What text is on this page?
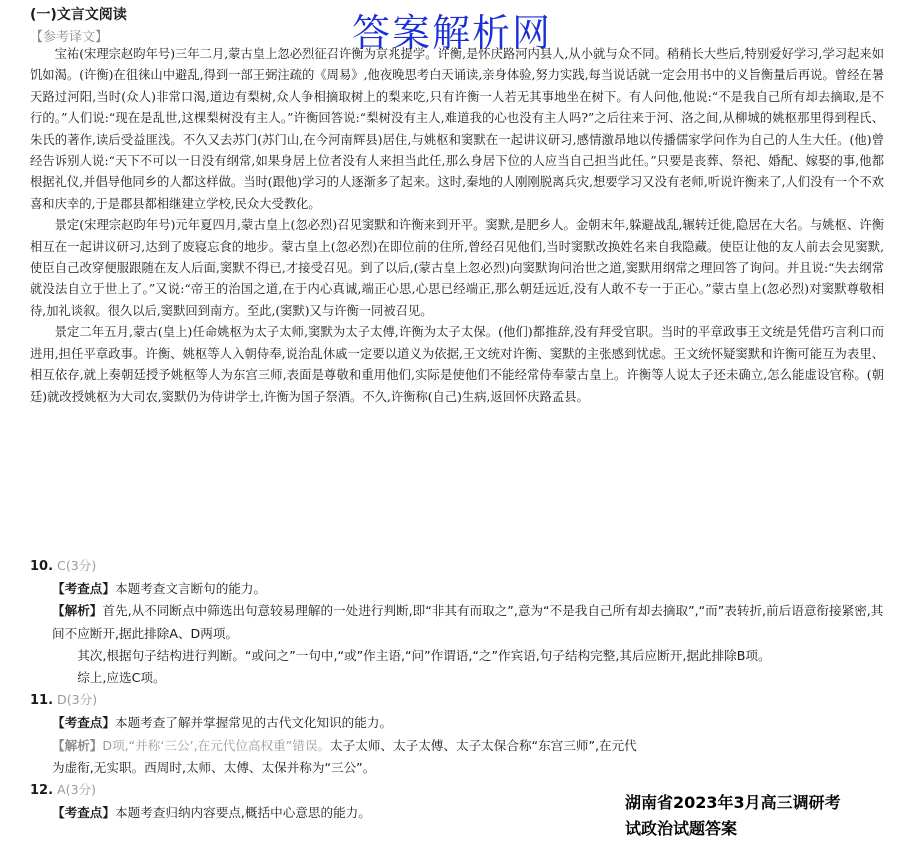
(一)文言文阅读	答案解析网
【参考译文】

宝祐(宋理宗赵昀年号)三年二月,蒙古皇上忽必烈征召许衡为京兆提学。许衡,是怀庆路河内县人,从小就与众不同。稍稍长大些后,特别爱好学习,学习起来如饥如渴。(许衡)在徂徕山中避乱,得到一部王弼注疏的《周易》,他夜晚思考白天诵读,亲身体验,努力实践,每当说话就一定会用书中的义旨衡量后再说。曾经在暑天路过河阳,当时(众人)非常口渴,道边有梨树,众人争相摘取树上的梨来吃,只有许衡一人若无其事地坐在树下。有人问他,他说:“不是我自己所有却去摘取,是不行的。”人们说:“现在是乱世,这棵梨树没有主人。”许衡回答说:“梨树没有主人,难道我的心也没有主人吗?”之后往来于河、洛之间,从柳城的姚枢那里得到程氏、朱氏的著作,读后受益匪浅。不久又去苏门(苏门山,在今河南辉县)居住,与姚枢和窦默在一起讲议研习,感情激昂地以传播儒家学问作为自己的人生大任。(他)曾经告诉别人说:“天下不可以一日没有纲常,如果身居上位者没有人来担当此任,那么身居下位的人应当自己担当此任。”只要是丧葬、祭祀、婚配、嫁娶的事,他都根据礼仪,并倡导他同乡的人都这样做。当时(跟他)学习的人逐渐多了起来。这时,秦地的人刚刚脱离兵灾,想要学习又没有老师,听说许衡来了,人们没有一个不欢喜和庆幸的,于是郡县都相继建立学校,民众大受教化。

景定(宋理宗赵昀年号)元年夏四月,蒙古皇上(忽必烈)召见窦默和许衡来到开平。窦默,是肥乡人。金朝末年,躲避战乱,辗转迁徙,隐居在大名。与姚枢、许衡相互在一起讲议研习,达到了废寝忘食的地步。蒙古皇上(忽必烈)在即位前的住所,曾经召见他们,当时窦默改换姓名来自我隐藏。使臣让他的友人前去会见窦默,使臣自己改穿便服跟随在友人后面,窦默不得已,才接受召见。到了以后,(蒙古皇上忽必烈)向窦默询问治世之道,窦默用纲常之理回答了询问。并且说:“失去纲常就没法自立于世上了。”又说:“帝王的治国之道,在于内心真诚,端正心思,心思已经端正,那么朝廷远近,没有人敢不专一于正心。”蒙古皇上(忽必烈)对窦默尊敬相待,加礼谈叙。很久以后,窦默回到南方。至此,(窦默)又与许衡一同被召见。

景定二年五月,蒙古(皇上)任命姚枢为太子太师,窦默为太子太傅,许衡为太子太保。(他们)都推辞,没有拜受官职。当时的平章政事王文统是凭借巧言利口而进用,担任平章政事。许衡、姚枢等人入朝侍奉,说治乱休戚一定要以道义为依据,王文统对许衡、窦默的主张感到忧虑。王文统怀疑窦默和许衡可能互为表里、相互依存,就上奏朝廷授予姚枢等人为东宫三师,表面是尊敬和重用他们,实际是使他们不能经常侍奉蒙古皇上。许衡等人说太子还未确立,怎么能虚设官称。(朝廷)就改授姚枢为大司农,窦默仍为侍讲学士,许衡为国子祭酒。不久,许衡称(自己)生病,返回怀庆路孟县。

10. C(3分)

【考查点】本题考查文言断句的能力。

【解析】首先,从不同断点中筛选出句意较易理解的一处进行判断,即“非其有而取之”,意为“不是我自己所有却去摘取”,“而”表转折,前后语意衔接紧密,其间不应断开,据此排除A、D两项。

其次,根据句子结构进行判断。“或问之”一句中,“或”作主语,“问”作谓语,“之”作宾语,句子结构完整,其后应断开,据此排除B项。

综上,应选C项。

11. D(3分)

【考查点】本题考查了解并掌握常见的古代文化知识的能力。

【解析】D项,“并称‘三公’,在元代位高权重”错误。太子太师、太子太傅、太子太保合称“东宫三师”,在元代为虚衔,无实职。西周时,太师、太傅、太保并称为“三公”。

12. A(3分)

【考查点】本题考查归纳内容要点,概括中心意思的能力。

湖南省2023年3月高三调研考
试政治试题答案
